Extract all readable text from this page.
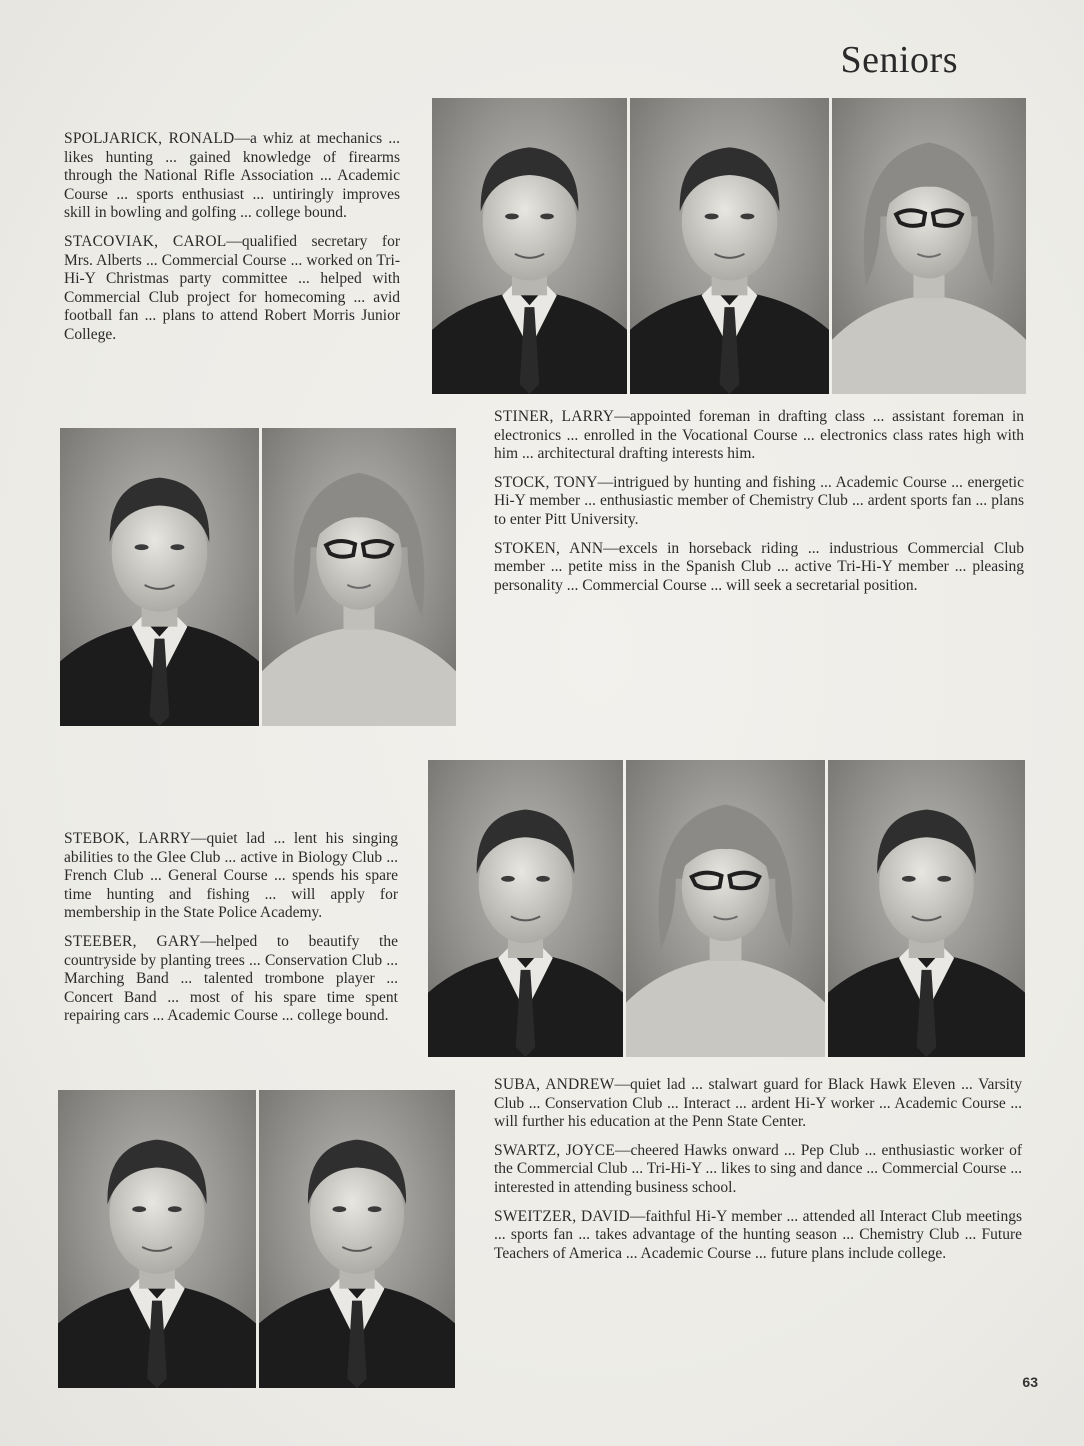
Seniors

SPOLJARICK, RONALD—a whiz at mechanics ... likes hunting ... gained knowledge of firearms through the National Rifle Association ... Academic Course ... sports enthusiast ... untiringly improves skill in bowling and golfing ... college bound.

STACOVIAK, CAROL—qualified secretary for Mrs. Alberts ... Commercial Course ... worked on Tri-Hi-Y Christmas party committee ... helped with Commercial Club project for homecoming ... avid football fan ... plans to attend Robert Morris Junior College.

STINER, LARRY—appointed foreman in drafting class ... assistant foreman in electronics ... enrolled in the Vocational Course ... electronics class rates high with him ... architectural drafting interests him.

STOCK, TONY—intrigued by hunting and fishing ... Academic Course ... energetic Hi-Y member ... enthusiastic member of Chemistry Club ... ardent sports fan ... plans to enter Pitt University.

STOKEN, ANN—excels in horseback riding ... industrious Commercial Club member ... petite miss in the Spanish Club ... active Tri-Hi-Y member ... pleasing personality ... Commercial Course ... will seek a secretarial position.

STEBOK, LARRY—quiet lad ... lent his singing abilities to the Glee Club ... active in Biology Club ... French Club ... General Course ... spends his spare time hunting and fishing ... will apply for membership in the State Police Academy.

STEEBER, GARY—helped to beautify the countryside by planting trees ... Conservation Club ... Marching Band ... talented trombone player ... Concert Band ... most of his spare time spent repairing cars ... Academic Course ... college bound.

SUBA, ANDREW—quiet lad ... stalwart guard for Black Hawk Eleven ... Varsity Club ... Conservation Club ... Interact ... ardent Hi-Y worker ... Academic Course ... will further his education at the Penn State Center.

SWARTZ, JOYCE—cheered Hawks onward ... Pep Club ... enthusiastic worker of the Commercial Club ... Tri-Hi-Y ... likes to sing and dance ... Commercial Course ... interested in attending business school.

SWEITZER, DAVID—faithful Hi-Y member ... attended all Interact Club meetings ... sports fan ... takes advantage of the hunting season ... Chemistry Club ... Future Teachers of America ... Academic Course ... future plans include college.

63
